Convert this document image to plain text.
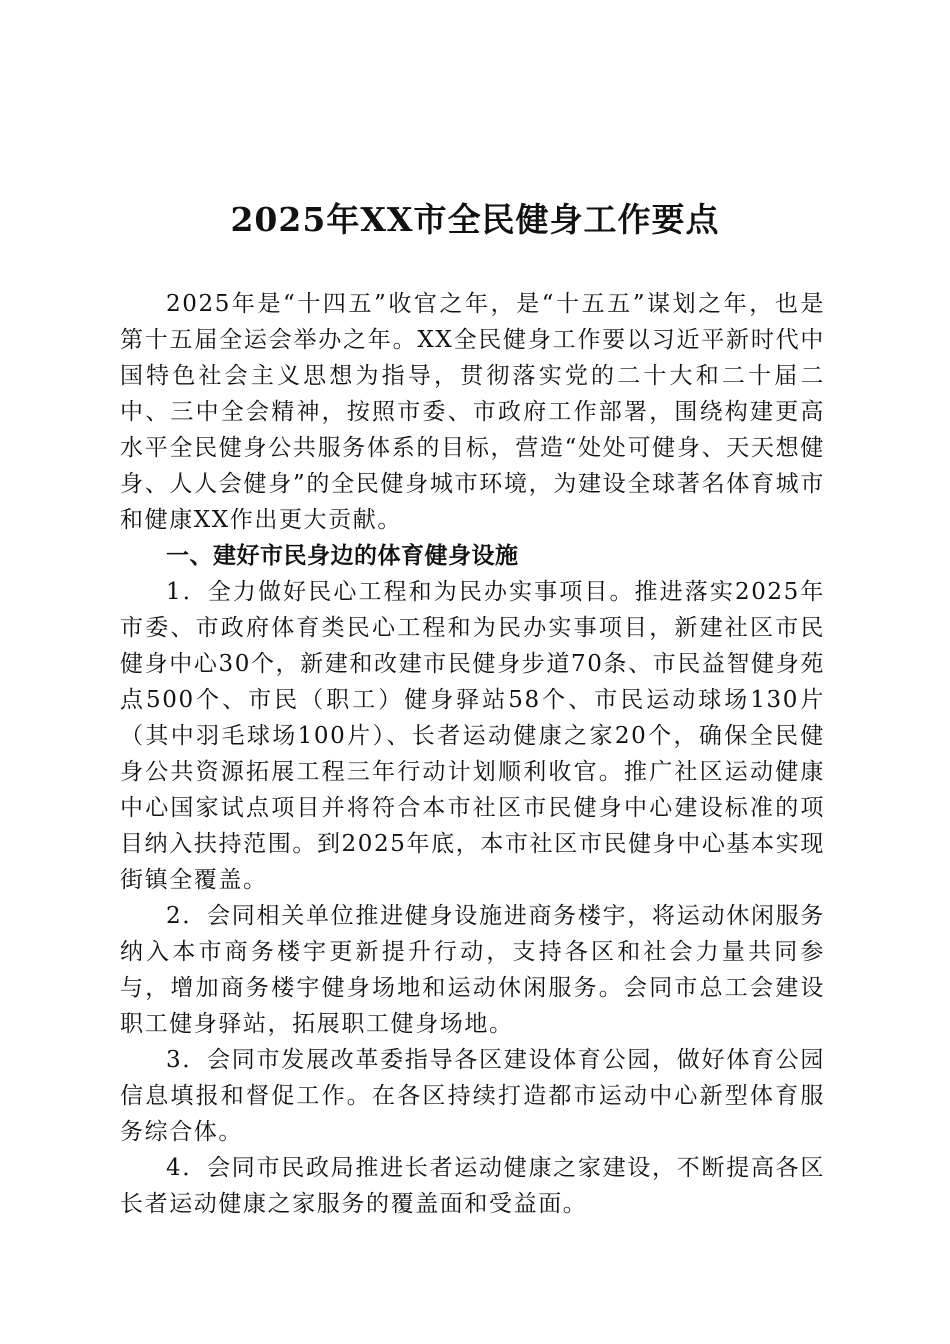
2025年XX市全民健身工作要点

2025年是“十四五”收官之年，是“十五五”谋划之年，也是第十五届全运会举办之年。XX全民健身工作要以习近平新时代中国特色社会主义思想为指导，贯彻落实党的二十大和二十届二中、三中全会精神，按照市委、市政府工作部署，围绕构建更高水平全民健身公共服务体系的目标，营造“处处可健身、天天想健身、人人会健身”的全民健身城市环境，为建设全球著名体育城市和健康XX作出更大贡献。

一、建好市民身边的体育健身设施

1．全力做好民心工程和为民办实事项目。推进落实2025年市委、市政府体育类民心工程和为民办实事项目，新建社区市民健身中心30个，新建和改建市民健身步道70条、市民益智健身苑点500个、市民（职工）健身驿站58个、市民运动球场130片（其中羽毛球场100片）、长者运动健康之家20个，确保全民健身公共资源拓展工程三年行动计划顺利收官。推广社区运动健康中心国家试点项目并将符合本市社区市民健身中心建设标准的项目纳入扶持范围。到2025年底，本市社区市民健身中心基本实现街镇全覆盖。

2．会同相关单位推进健身设施进商务楼宇，将运动休闲服务纳入本市商务楼宇更新提升行动，支持各区和社会力量共同参与，增加商务楼宇健身场地和运动休闲服务。会同市总工会建设职工健身驿站，拓展职工健身场地。

3．会同市发展改革委指导各区建设体育公园，做好体育公园信息填报和督促工作。在各区持续打造都市运动中心新型体育服务综合体。

4．会同市民政局推进长者运动健康之家建设，不断提高各区长者运动健康之家服务的覆盖面和受益面。
